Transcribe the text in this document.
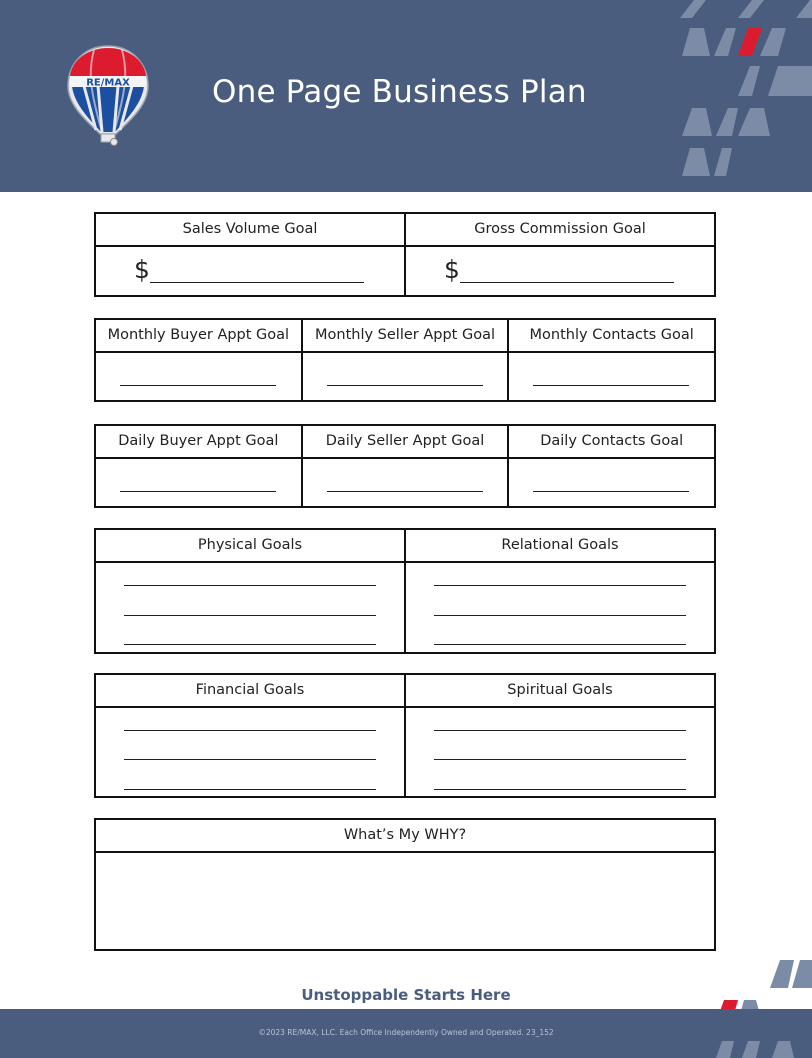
RE/MAX	One Page Business Plan
Sales Volume Goal	Gross Commission Goal
$	$
Monthly Buyer Appt Goal	Monthly Seller Appt Goal	Monthly Contacts Goal
Daily Buyer Appt Goal	Daily Seller Appt Goal	Daily Contacts Goal
Physical Goals	Relational Goals
Financial Goals	Spiritual Goals
What’s My WHY?
Unstoppable Starts Here
©2023 RE/MAX, LLC. Each Office Independently Owned and Operated. 23_152
